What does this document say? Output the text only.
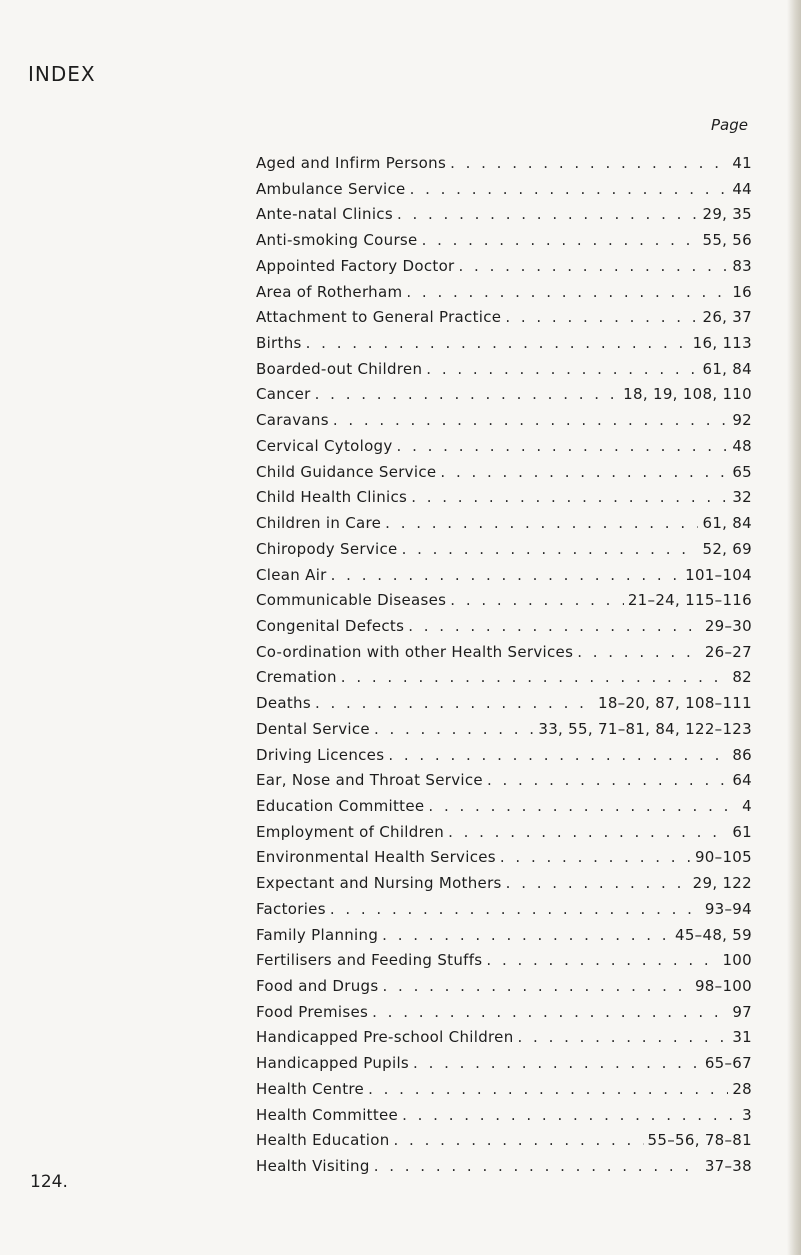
INDEX
Page
Aged and Infirm Persons . . .	41
Ambulance Service . . .	44
Ante-natal Clinics . . .	29, 35
Anti-smoking Course . . .	55, 56
Appointed Factory Doctor . . .	83
Area of Rotherham . . .	16
Attachment to General Practice . . .	26, 37
Births . . .	16, 113
Boarded-out Children . . .	61, 84
Cancer . . .	18, 19, 108, 110
Caravans . . .	92
Cervical Cytology . . .	48
Child Guidance Service . . .	65
Child Health Clinics . . .	32
Children in Care . . .	61, 84
Chiropody Service . . .	52, 69
Clean Air . . .	101–104
Communicable Diseases . . .	21–24, 115–116
Congenital Defects . . .	29–30
Co-ordination with other Health Services . . .	26–27
Cremation . . .	82
Deaths . . .	18–20, 87, 108–111
Dental Service . . .	33, 55, 71–81, 84, 122–123
Driving Licences . . .	86
Ear, Nose and Throat Service . . .	64
Education Committee . . .	4
Employment of Children . . .	61
Environmental Health Services . . .	90–105
Expectant and Nursing Mothers . . .	29, 122
Factories . . .	93–94
Family Planning . . .	45–48, 59
Fertilisers and Feeding Stuffs . . .	100
Food and Drugs . . .	98–100
Food Premises . . .	97
Handicapped Pre-school Children . . .	31
Handicapped Pupils . . .	65–67
Health Centre . . .	28
Health Committee . . .	3
Health Education . . .	55–56, 78–81
Health Visiting . . .	37–38
124.
